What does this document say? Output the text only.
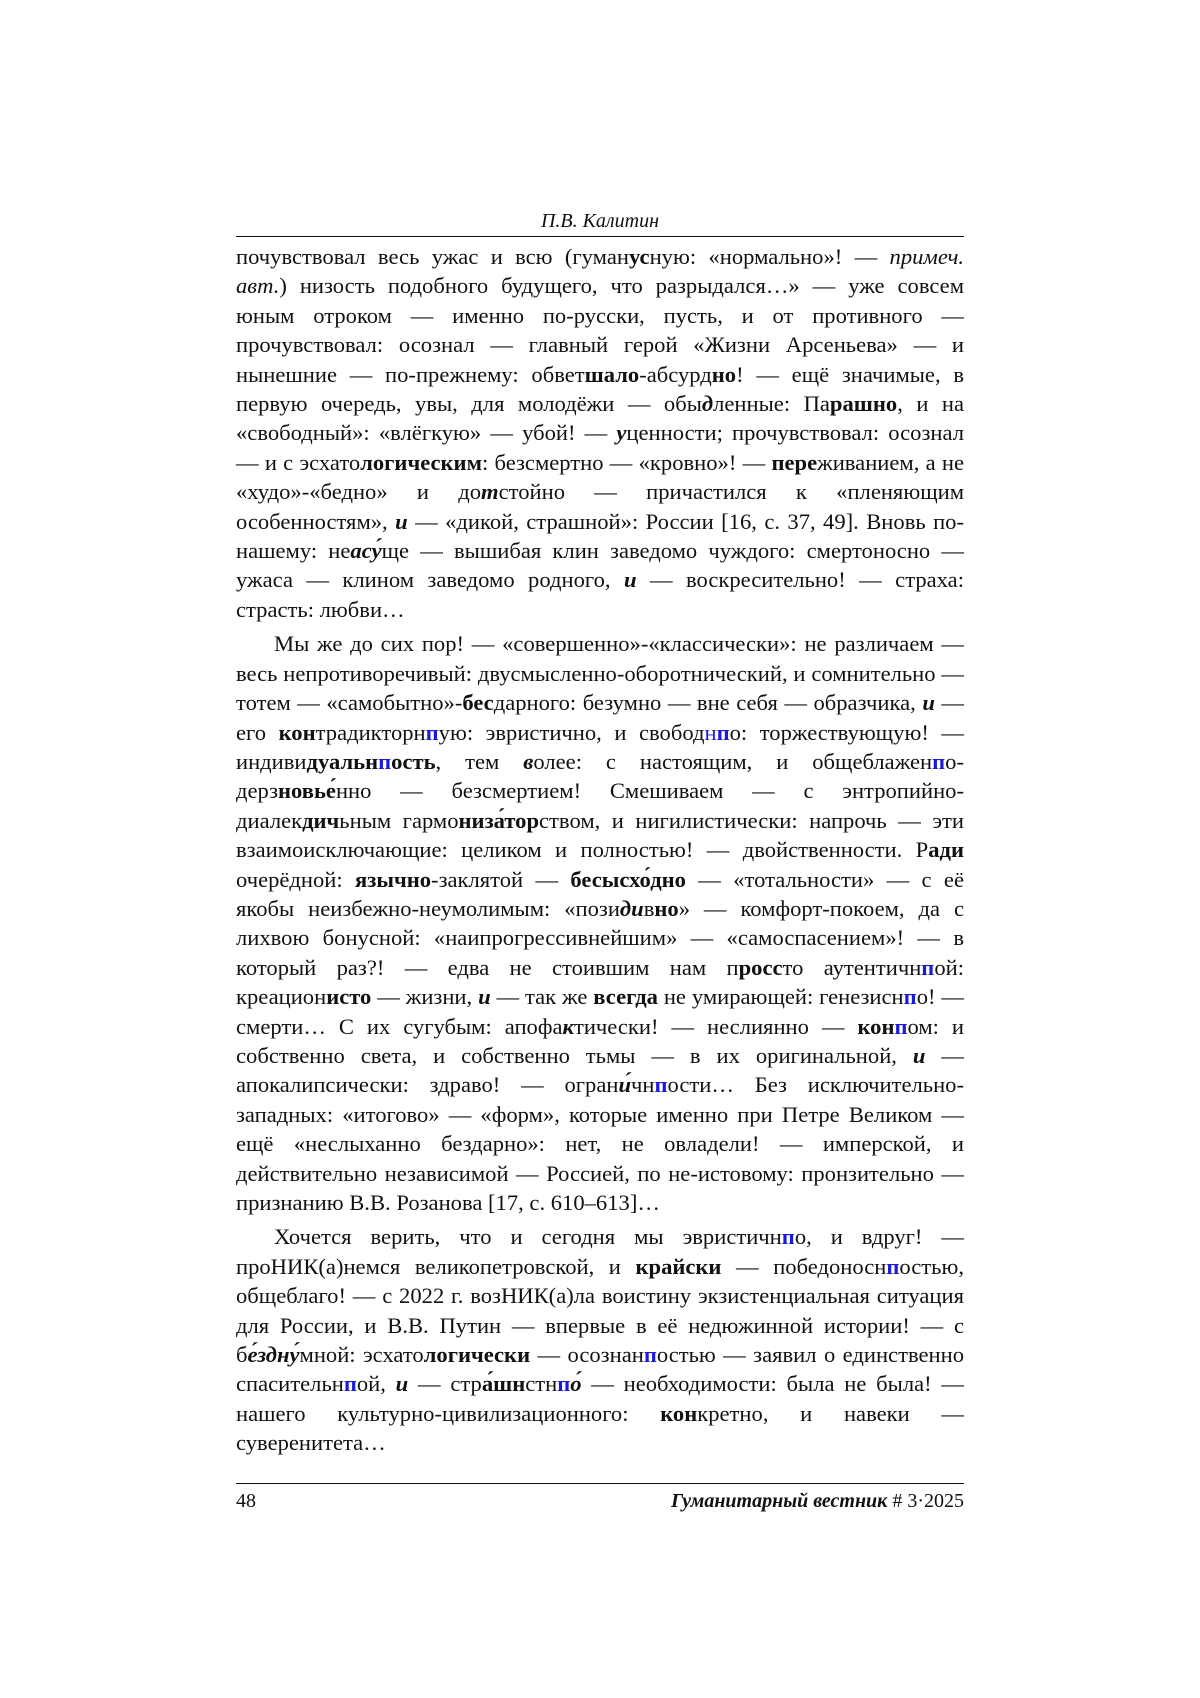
П.В. Калитин

почувствовал весь ужас и всю (гуманусную: «нормально»! — примеч. авт.) низость подобного будущего, что разрыдался…» — уже совсем юным отроком — именно по-русски, пусть, и от противного — прочувствовал: осознал — главный герой «Жизни Арсеньева» — и нынешние — по-прежнему: обветшало-абсурдно! — ещё значимые, в первую очередь, увы, для молодёжи — обыдленные: Парашно, и на «свободный»: «влёгкую» — убой! — уценности; прочувствовал: осознал — и с эсхатологическим: безсмертно — «кровно»! — переживанием, а не «худо»-«бедно» и дотстойно — причастился к «пленяющим особенностям», и — «дикой, страшной»: России [16, с. 37, 49]. Вновь по-нашему: неасу́ще — вышибая клин заведомо чуждого: смертоносно — ужаса — клином заведомо родного, и — воскресительно! — страха: страсть: любви…

Мы же до сих пор! — «совершенно»-«классически»: не различаем — весь непротиворечивый: двусмысленно-оборотнический, и сомнительно — тотем — «самобытно»-бесдарного: безумно — вне себя — образчика, и — его контрадикторнпую: эвристично, и свободнпо: торжествующую! — индивидуальнпость, тем волее: с настоящим, и общеблаженпо-дерзновье́нно — безсмертием! Смешиваем — с энтропийно-диалекдичьным гармониза́торством, и нигилистически: напрочь — эти взаимоисключающие: целиком и полностью! — двойственности. Ради очерёдной: язычно-заклятой — бесысхо́дно — «тотальности» — с её якобы неизбежно-неумолимым: «позидивно» — комфорт-покоем, да с лихвою бонусной: «наипрогрессивнейшим» — «самоспасением»! — в который раз?! — едва не стоившим нам проссто аутентичнпой: креационисто — жизни, и — так же всегда не умирающей: генезиснпо! — смерти… С их сугубым: апофактически! — неслиянно — конпом: и собственно света, и собственно тьмы — в их оригинальной, и — апокалипсически: здраво! — ограни́чнпости… Без исключительно-западных: «итогово» — «форм», которые именно при Петре Великом — ещё «неслыханно бездарно»: нет, не овладели! — имперской, и действительно независимой — Россией, по не-истовому: пронзительно — признанию В.В. Розанова [17, с. 610–613]…

Хочется верить, что и сегодня мы эвристичнпо, и вдруг! — проНИК(а)немся великопетровской, и крайски — победоноснпостью, общеблаго! — с 2022 г. возНИК(а)ла воистину экзистенциальная ситуация для России, и В.В. Путин — впервые в её недюжинной истории! — с бе́здну́мной: эсхатологически — осознанпостью — заявил о единственно спасительнпой, и — стра́шнстнпо́ — необходимости: была не была! — нашего культурно-цивилизационного: конкретно, и навеки — суверенитета…

48	Гуманитарный вестник # 3·2025
